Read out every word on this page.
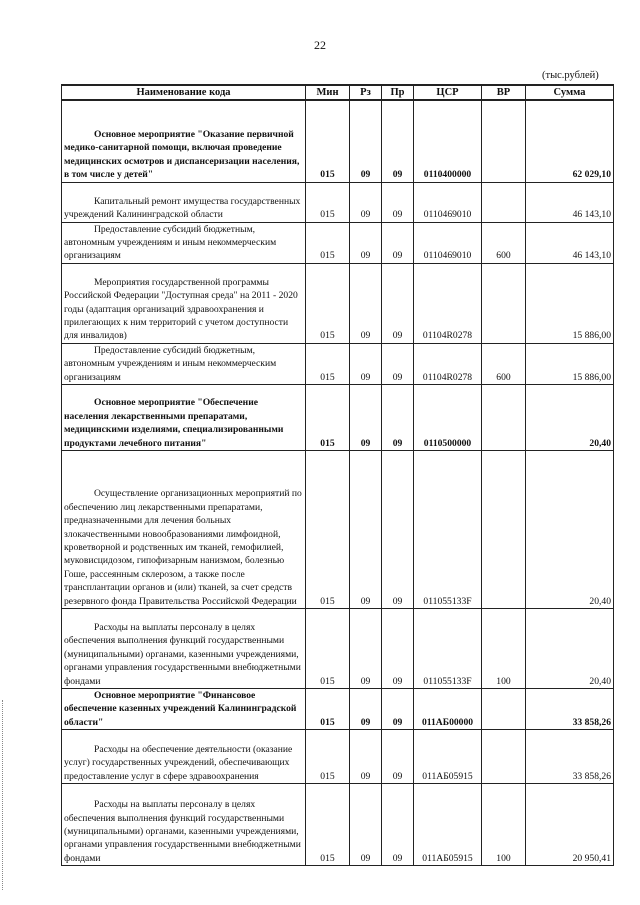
22
(тыс.рублей)
Наименование кода	Мин	Рз	Пр	ЦСР	ВР	Сумма
Основное мероприятие "Оказание первичной медико-санитарной помощи, включая проведение медицинских осмотров и диспансеризации населения, в том числе у детей"	015	09	09	0110400000		62 029,10
Капитальный ремонт имущества государственных учреждений Калининградской области	015	09	09	0110469010		46 143,10
Предоставление субсидий бюджетным, автономным учреждениям и иным некоммерческим организациям	015	09	09	0110469010	600	46 143,10
Мероприятия государственной программы Российской Федерации "Доступная среда" на 2011 - 2020 годы (адаптация организаций здравоохранения и прилегающих к ним территорий с учетом доступности для инвалидов)	015	09	09	01104R0278		15 886,00
Предоставление субсидий бюджетным, автономным учреждениям и иным некоммерческим организациям	015	09	09	01104R0278	600	15 886,00
Основное мероприятие "Обеспечение населения лекарственными препаратами, медицинскими изделиями, специализированными продуктами лечебного питания"	015	09	09	0110500000		20,40
Осуществление организационных мероприятий по обеспечению лиц лекарственными препаратами, предназначенными для лечения больных злокачественными новообразованиями лимфоидной, кроветворной и родственных им тканей, гемофилией, муковисцидозом, гипофизарным нанизмом, болезнью Гоше, рассеянным склерозом, а также после трансплантации органов и (или) тканей, за счет средств резервного фонда Правительства Российской Федерации	015	09	09	011055133F		20,40
Расходы на выплаты персоналу в целях обеспечения выполнения функций государственными (муниципальными) органами, казенными учреждениями, органами управления государственными внебюджетными фондами	015	09	09	011055133F	100	20,40
Основное мероприятие "Финансовое обеспечение казенных учреждений Калининградской области"	015	09	09	011АБ00000		33 858,26
Расходы на обеспечение деятельности (оказание услуг) государственных учреждений, обеспечивающих предоставление услуг в сфере здравоохранения	015	09	09	011АБ05915		33 858,26
Расходы на выплаты персоналу в целях обеспечения выполнения функций государственными (муниципальными) органами, казенными учреждениями, органами управления государственными внебюджетными фондами	015	09	09	011АБ05915	100	20 950,41
